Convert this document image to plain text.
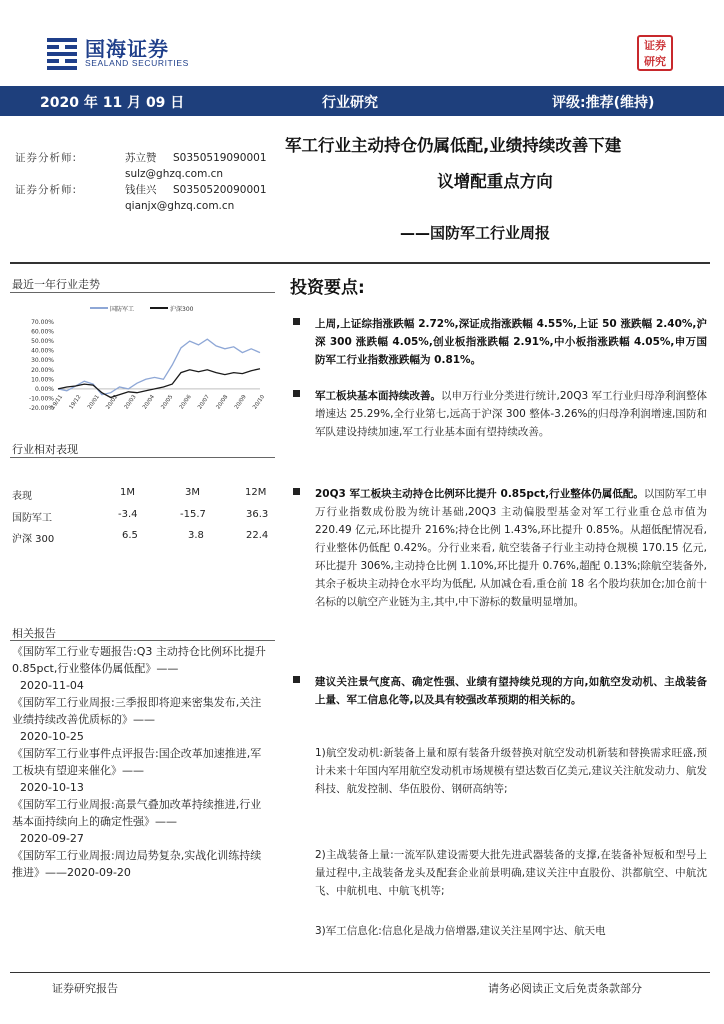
国海证券
SEALAND SECURITIES
证券
研究
2020 年 11 月 09 日	行业研究	评级:推荐(维持)
证券分析师:	苏立赞 S0350519090001
sulz@ghzq.com.cn
证券分析师:	钱佳兴 S0350520090001
qianjx@ghzq.com.cn
军工行业主动持仓仍属低配,业绩持续改善下建
议增配重点方向
——国防军工行业周报
最近一年行业走势
国防军工	沪深300
70.00%
60.00%
50.00%
40.00%
30.00%
20.00%
10.00%
0.00%
-10.00%
-20.00%
19/11 19/12 20/01 20/02 20/03 20/04 20/05 20/06 20/07 20/08 20/09 20/10
行业相对表现
表现	1M	3M	12M
国防军工	-3.4	-15.7	36.3
沪深 300	6.5	3.8	22.4
相关报告
《国防军工行业专题报告:Q3 主动持仓比例环比提升 0.85pct,行业整体仍属低配》——
2020-11-04
《国防军工行业周报:三季报即将迎来密集发布,关注业绩持续改善优质标的》——
2020-10-25
《国防军工行业事件点评报告:国企改革加速推进,军工板块有望迎来催化》——
2020-10-13
《国防军工行业周报:高景气叠加改革持续推进,行业基本面持续向上的确定性强》——
2020-09-27
《国防军工行业周报:周边局势复杂,实战化训练持续推进》——2020-09-20
投资要点:
上周,上证综指涨跌幅 2.72%,深证成指涨跌幅 4.55%,上证 50 涨跌幅 2.40%,沪深 300 涨跌幅 4.05%,创业板指涨跌幅 2.91%,中小板指涨跌幅 4.05%,申万国防军工行业指数涨跌幅为 0.81%。
军工板块基本面持续改善。以申万行业分类进行统计,20Q3 军工行业归母净利润整体增速达 25.29%,全行业第七,远高于沪深 300 整体-3.26%的归母净利润增速,国防和军队建设持续加速,军工行业基本面有望持续改善。
20Q3 军工板块主动持仓比例环比提升 0.85pct,行业整体仍属低配。以国防军工申万行业指数成份股为统计基础,20Q3 主动偏股型基金对军工行业重仓总市值为 220.49 亿元,环比提升 216%;持仓比例 1.43%,环比提升 0.85%。从超低配情况看,行业整体仍低配 0.42%。分行业来看, 航空装备子行业主动持仓规模 170.15 亿元,环比提升 306%,主动持仓比例 1.10%,环比提升 0.76%,超配 0.13%;除航空装备外,其余子板块主动持仓水平均为低配, 从加减仓看,重仓前 18 名个股均获加仓;加仓前十名标的以航空产业链为主,其中,中下游标的数量明显增加。
建议关注景气度高、确定性强、业绩有望持续兑现的方向,如航空发动机、主战装备上量、军工信息化等,以及具有较强改革预期的相关标的。
1)航空发动机:新装备上量和原有装备升级替换对航空发动机新装和替换需求旺盛,预计未来十年国内军用航空发动机市场规模有望达数百亿美元,建议关注航发动力、航发科技、航发控制、华伍股份、钢研高纳等;
2)主战装备上量:一流军队建设需要大批先进武器装备的支撑,在装备补短板和型号上量过程中,主战装备龙头及配套企业前景明确,建议关注中直股份、洪都航空、中航沈飞、中航机电、中航飞机等;
3)军工信息化:信息化是战力倍增器,建议关注星网宇达、航天电
证券研究报告	请务必阅读正文后免责条款部分
